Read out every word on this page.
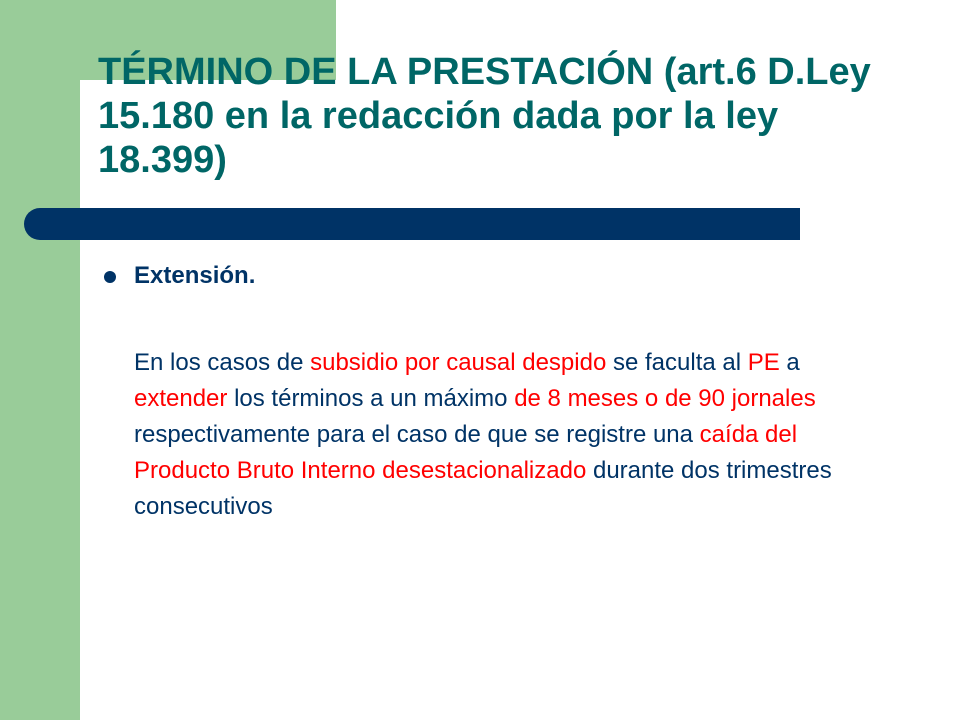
TÉRMINO DE LA PRESTACIÓN (art.6 D.Ley 15.180 en la redacción dada por la ley 18.399)
Extensión.

En los casos de subsidio por causal despido se faculta al PE a extender los términos a un máximo de 8 meses o de 90 jornales respectivamente para el caso de que se registre una caída del Producto Bruto Interno desestacionalizado durante dos trimestres consecutivos
